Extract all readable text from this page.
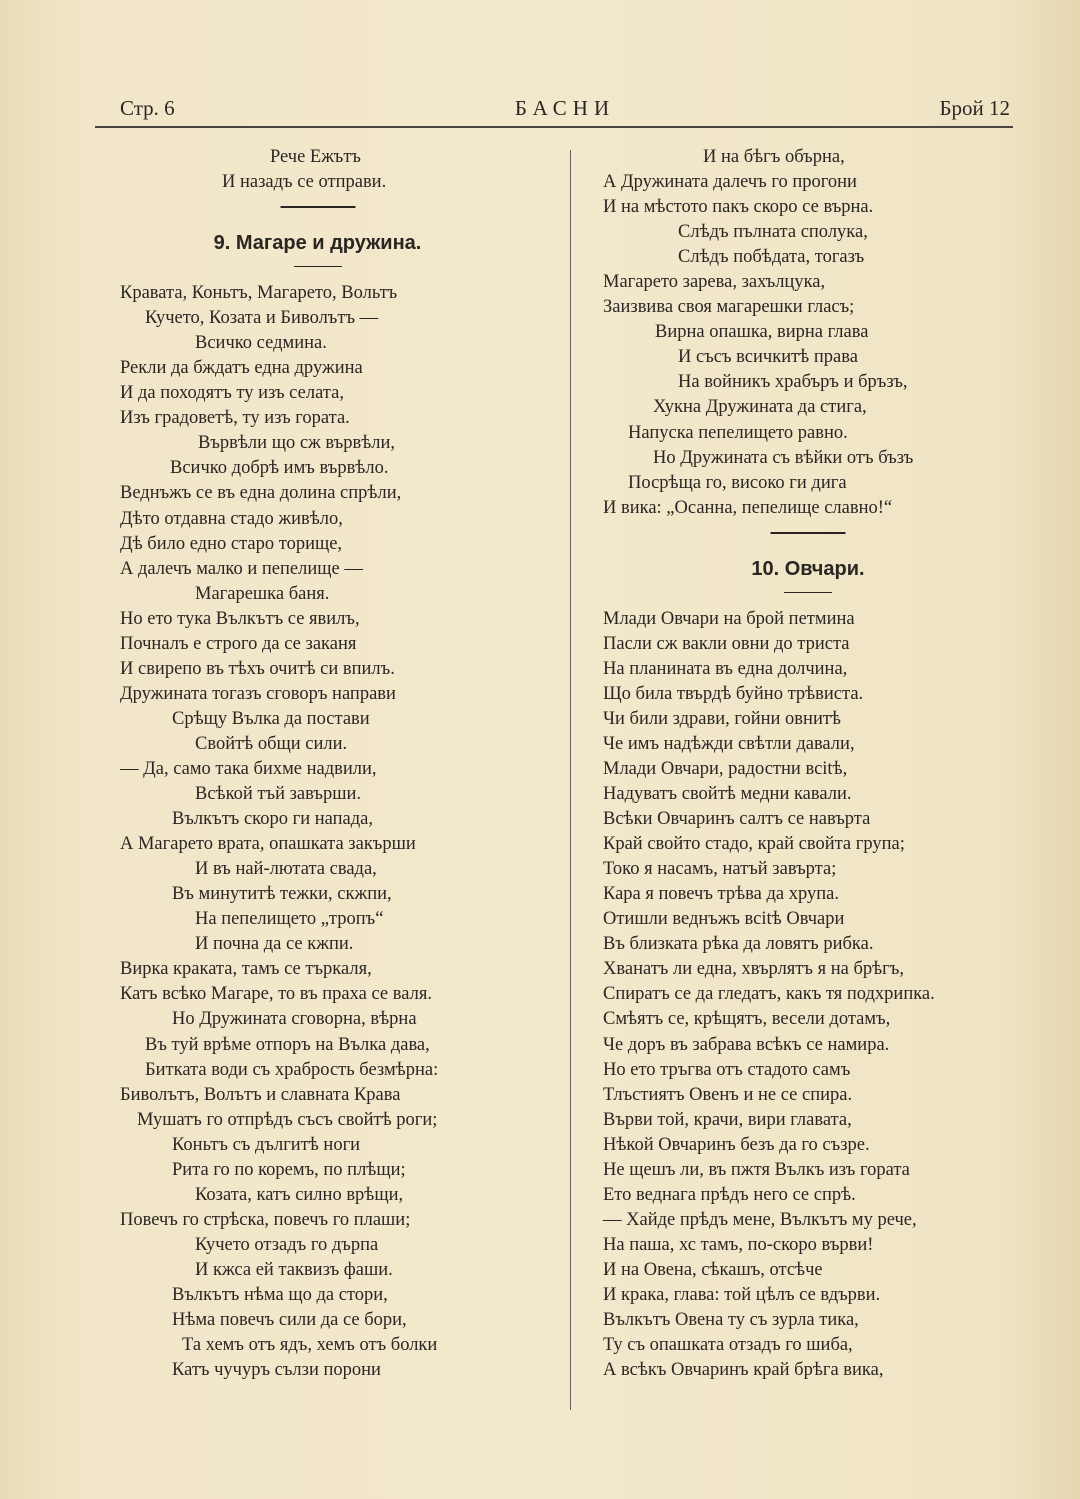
Стр. 6	БАСНИ	Брой 12
Рече Ежътъ
И назадъ се отправи.
9. Магаре и дружина.
Кравата, Коньтъ, Магарето, Вольтъ
Кучето, Козата и Биволътъ —
Всичко седмина.
Рекли да бждатъ една дружина
И да походятъ ту изъ селата,
Изъ градоветѣ, ту изъ гората.
Вървѣли що сж вървѣли,
Всичко добрѣ имъ вървѣло.
Веднъжъ се въ една долина спрѣли,
Дѣто отдавна стадо живѣло,
Дѣ било едно старо торище,
А далечъ малко и пепелище —
Магарешка баня.
Но ето тука Вълкътъ се явилъ,
Почналъ е строго да се заканя
И свирепо въ тѣхъ очитѣ си впилъ.
Дружината тогазъ сговоръ направи
Срѣщу Вълка да постави
Свойтѣ общи сили.
— Да, само така бихме надвили,
Всѣкой тъй завърши.
Вълкътъ скоро ги напада,
А Магарето врата, опашката закърши
И въ най-лютата свада,
Въ минутитѣ тежки, скжпи,
На пепелището „тропъ“
И почна да се кжпи.
Вирка краката, тамъ се търкаля,
Катъ всѣко Магаре, то въ праха се валя.
Но Дружината сговорна, вѣрна
Въ туй врѣме отпоръ на Вълка дава,
Битката води съ храбрость безмѣрна:
Биволътъ, Волътъ и славната Крава
Мушатъ го отпрѣдъ съсъ свойтѣ роги;
Коньтъ съ дългитѣ ноги
Рита го по коремъ, по плѣщи;
Козата, катъ силно врѣщи,
Повечъ го стрѣска, повечъ го плаши;
Кучето отзадъ го дърпа
И кжса ей таквизъ фаши.
Вълкътъ нѣма що да стори,
Нѣма повечъ сили да се бори,
Та хемъ отъ ядъ, хемъ отъ болки
Катъ чучуръ сълзи порони
И на бѣгъ обърна,
А Дружината далечъ го прогони
И на мѣстото пакъ скоро се върна.
Слѣдъ пълната сполука,
Слѣдъ побѣдата, тогазъ
Магарето зарева, захълцука,
Заизвива своя магарешки гласъ;
Вирна опашка, вирна глава
И съсъ всичкитѣ права
На войникъ храбъръ и бръзъ,
Хукна Дружината да стига,
Напуска пепелището равно.
Но Дружината съ вѣйки отъ бъзъ
Посрѣща го, високо ги дига
И вика: „Осанна, пепелище славно!“
10. Овчари.
Млади Овчари на брой петмина
Пасли сж вакли овни до триста
На планината въ една долчина,
Що била твърдѣ буйно трѣвиста.
Чи били здрави, гойни овнитѣ
Че имъ надѣжди свѣтли давали,
Млади Овчари, радостни всitѣ,
Надуватъ свойтѣ медни кавали.
Всѣки Овчаринъ салтъ се навърта
Край свойто стадо, край свойта група;
Токо я насамъ, натъй завърта;
Кара я повечъ трѣва да хрупа.
Отишли веднъжъ всitѣ Овчари
Въ близката рѣка да ловятъ рибка.
Хванатъ ли една, хвърлятъ я на брѣгъ,
Спиратъ се да гледатъ, какъ тя подхрипка.
Смѣятъ се, крѣщятъ, весели дотамъ,
Че доръ въ забрава всѣкъ се намира.
Но ето тръгва отъ стадото самъ
Тлъстиятъ Овенъ и не се спира.
Върви той, крачи, вири главата,
Нѣкой Овчаринъ безъ да го съзре.
Не щешъ ли, въ пжтя Вълкъ изъ гората
Ето веднага прѣдъ него се спрѣ.
— Хайде прѣдъ мене, Вълкътъ му рече,
На паша, хс тамъ, по-скоро върви!
И на Овена, сѣкашъ, отсѣче
И крака, глава: той цѣлъ се вдърви.
Вълкътъ Овена ту съ зурла тика,
Ту съ опашката отзадъ го шиба,
А всѣкъ Овчаринъ край брѣга вика,
